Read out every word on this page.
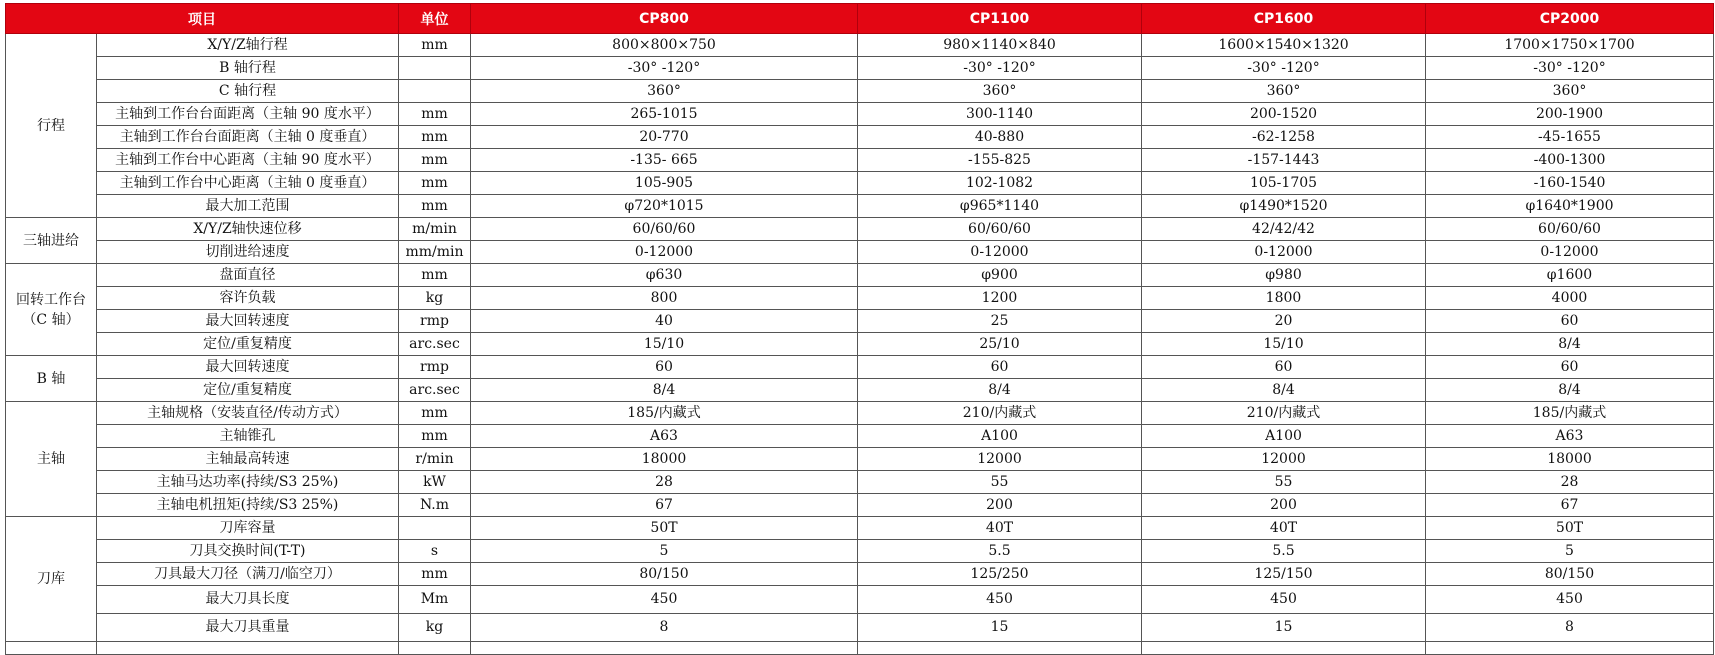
项目		单位	CP800	CP1100	CP1600	CP2000
行程	X/Y/Z轴行程	mm	800×800×750	980×1140×840	1600×1540×1320	1700×1750×1700
	B 轴行程		-30° -120°	-30° -120°	-30° -120°	-30° -120°
	C 轴行程		360°	360°	360°	360°
	主轴到工作台台面距离（主轴 90 度水平）	mm	265-1015	300-1140	200-1520	200-1900
	主轴到工作台台面距离（主轴 0 度垂直）	mm	20-770	40-880	-62-1258	-45-1655
	主轴到工作台中心距离（主轴 90 度水平）	mm	-135- 665	-155-825	-157-1443	-400-1300
	主轴到工作台中心距离（主轴 0 度垂直）	mm	105-905	102-1082	105-1705	-160-1540
	最大加工范围	mm	φ720*1015	φ965*1140	φ1490*1520	φ1640*1900
三轴进给	X/Y/Z轴快速位移	m/min	60/60/60	60/60/60	42/42/42	60/60/60
	切削进给速度	mm/min	0-12000	0-12000	0-12000	0-12000
回转工作台（C 轴）	盘面直径	mm	φ630	φ900	φ980	φ1600
	容许负载	kg	800	1200	1800	4000
	最大回转速度	rmp	40	25	20	60
	定位/重复精度	arc.sec	15/10	25/10	15/10	8/4
B 轴	最大回转速度	rmp	60	60	60	60
	定位/重复精度	arc.sec	8/4	8/4	8/4	8/4
主轴	主轴规格（安装直径/传动方式）	mm	185/内藏式	210/内藏式	210/内藏式	185/内藏式
	主轴锥孔	mm	A63	A100	A100	A63
	主轴最高转速	r/min	18000	12000	12000	18000
	主轴马达功率(持续/S3 25%)	kW	28	55	55	28
	主轴电机扭矩(持续/S3 25%)	N.m	67	200	200	67
刀库	刀库容量		50T	40T	40T	50T
	刀具交换时间(T-T)	s	5	5.5	5.5	5
	刀具最大刀径（满刀/临空刀）	mm	80/150	125/250	125/150	80/150
	最大刀具长度	Mm	450	450	450	450
	最大刀具重量	kg	8	15	15	8
